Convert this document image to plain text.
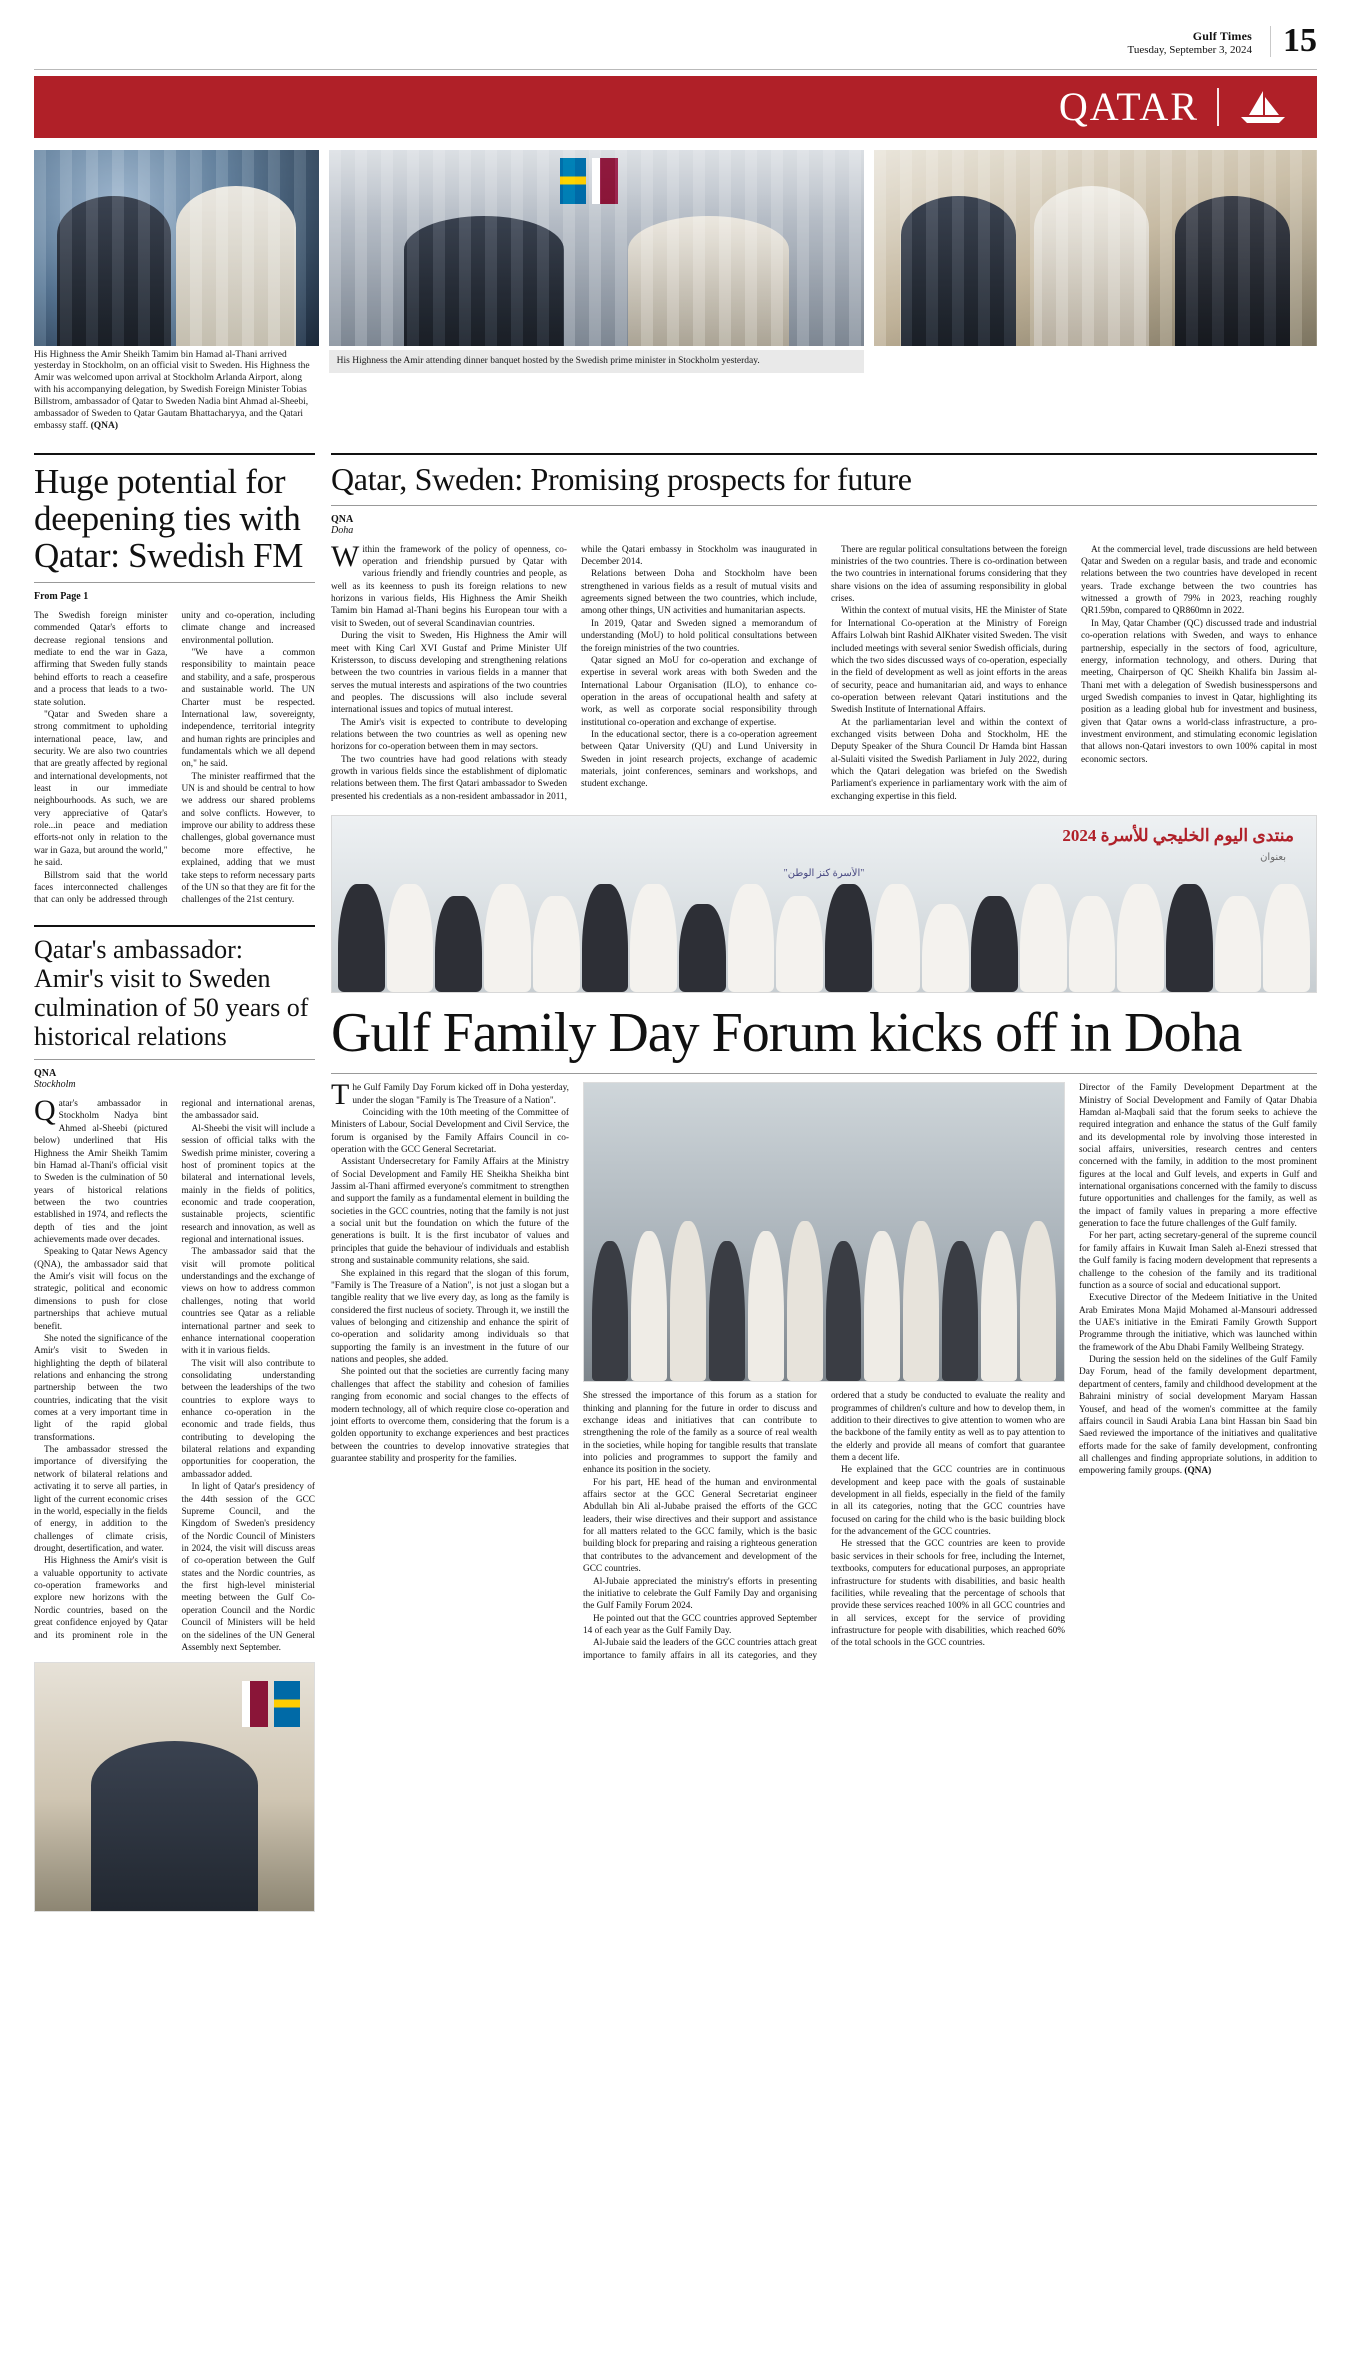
Gulf Times
Tuesday, September 3, 2024 15
QATAR
His Highness the Amir Sheikh Tamim bin Hamad al-Thani arrived yesterday in Stockholm, on an official visit to Sweden. His Highness the Amir was welcomed upon arrival at Stockholm Arlanda Airport, along with his accompanying delegation, by Swedish Foreign Minister Tobias Billstrom, ambassador of Qatar to Sweden Nadia bint Ahmad al-Sheebi, ambassador of Sweden to Qatar Gautam Bhattacharyya, and the Qatari embassy staff. (QNA)
His Highness the Amir attending dinner banquet hosted by the Swedish prime minister in Stockholm yesterday.
Huge potential for deepening ties with Qatar: Swedish FM
From Page 1

The Swedish foreign minister commended Qatar's efforts to decrease regional tensions and mediate to end the war in Gaza, affirming that Sweden fully stands behind efforts to reach a ceasefire and a process that leads to a two-state solution.

"Qatar and Sweden share a strong commitment to upholding international peace, law, and security. We are also two countries that are greatly affected by regional and international developments, not least in our immediate neighbourhoods. As such, we are very appreciative of Qatar's role...in peace and mediation efforts-not only in relation to the war in Gaza, but around the world," he said.

Billstrom said that the world faces interconnected challenges that can only be addressed through unity and co-operation, including climate change and increased environmental pollution.

"We have a common responsibility to maintain peace and stability, and a safe, prosperous and sustainable world. The UN Charter must be respected. International law, sovereignty, independence, territorial integrity and human rights are principles and fundamentals which we all depend on," he said.

The minister reaffirmed that the UN is and should be central to how we address our shared problems and solve conflicts. However, to improve our ability to address these challenges, global governance must become more effective, he explained, adding that we must take steps to reform necessary parts of the UN so that they are fit for the challenges of the 21st century.

Qatar's ambassador: Amir's visit to Sweden culmination of 50 years of historical relations
QNA
Stockholm

Qatar's ambassador in Stockholm Nadya bint Ahmed al-Sheebi (pictured below) underlined that His Highness the Amir Sheikh Tamim bin Hamad al-Thani's official visit to Sweden is the culmination of 50 years of historical relations between the two countries established in 1974, and reflects the depth of ties and the joint achievements made over decades.

Speaking to Qatar News Agency (QNA), the ambassador said that the Amir's visit will focus on the strategic, political and economic dimensions to push for close partnerships that achieve mutual benefit.

She noted the significance of the Amir's visit to Sweden in highlighting the depth of bilateral relations and enhancing the strong partnership between the two countries, indicating that the visit comes at a very important time in light of the rapid global transformations.

The ambassador stressed the importance of diversifying the network of bilateral relations and activating it to serve all parties, in light of the current economic crises in the world, especially in the fields of energy, in addition to the challenges of climate crisis, drought, desertification, and water.

His Highness the Amir's visit is a valuable opportunity to activate co-operation frameworks and explore new horizons with the Nordic countries, based on the great confidence enjoyed by Qatar and its prominent role in the regional and international arenas, the ambassador said.

Al-Sheebi the visit will include a session of official talks with the Swedish prime minister, covering a host of prominent topics at the bilateral and international levels, mainly in the fields of politics, economic and trade cooperation, sustainable projects, scientific research and innovation, as well as regional and international issues.

The ambassador said that the visit will promote political understandings and the exchange of views on how to address common challenges, noting that world countries see Qatar as a reliable international partner and seek to enhance international cooperation with it in various fields.

The visit will also contribute to consolidating understanding between the leaderships of the two countries to explore ways to enhance co-operation in the economic and trade fields, thus contributing to developing the bilateral relations and expanding opportunities for cooperation, the ambassador added.

In light of Qatar's presidency of the 44th session of the GCC Supreme Council, and the Kingdom of Sweden's presidency of the Nordic Council of Ministers in 2024, the visit will discuss areas of co-operation between the Gulf states and the Nordic countries, as the first high-level ministerial meeting between the Gulf Co-operation Council and the Nordic Council of Ministers will be held on the sidelines of the UN General Assembly next September.

Qatar, Sweden: Promising prospects for future
QNA
Doha

Within the framework of the policy of openness, co-operation and friendship pursued by Qatar with various friendly and friendly countries and people, as well as its keenness to push its foreign relations to new horizons in various fields, His Highness the Amir Sheikh Tamim bin Hamad al-Thani begins his European tour with a visit to Sweden, out of several Scandinavian countries.

During the visit to Sweden, His Highness the Amir will meet with King Carl XVI Gustaf and Prime Minister Ulf Kristersson, to discuss developing and strengthening relations between the two countries in various fields in a manner that serves the mutual interests and aspirations of the two countries and peoples. The discussions will also include several international issues and topics of mutual interest.

The Amir's visit is expected to contribute to developing relations between the two countries as well as opening new horizons for co-operation between them in may sectors.

The two countries have had good relations with steady growth in various fields since the establishment of diplomatic relations between them. The first Qatari ambassador to Sweden presented his credentials as a non-resident ambassador in 2011, while the Qatari embassy in Stockholm was inaugurated in December 2014.

Relations between Doha and Stockholm have been strengthened in various fields as a result of mutual visits and agreements signed between the two countries, which include, among other things, UN activities and humanitarian aspects.

In 2019, Qatar and Sweden signed a memorandum of understanding (MoU) to hold political consultations between the foreign ministries of the two countries.

Qatar signed an MoU for co-operation and exchange of expertise in several work areas with both Sweden and the International Labour Organisation (ILO), to enhance co-operation in the areas of occupational health and safety at work, as well as corporate social responsibility through institutional co-operation and exchange of expertise.

In the educational sector, there is a co-operation agreement between Qatar University (QU) and Lund University in Sweden in joint research projects, exchange of academic materials, joint conferences, seminars and workshops, and student exchange.

There are regular political consultations between the foreign ministries of the two countries. There is co-ordination between the two countries in international forums considering that they share visions on the idea of assuming responsibility in global crises.

Within the context of mutual visits, HE the Minister of State for International Co-operation at the Ministry of Foreign Affairs Lolwah bint Rashid AlKhater visited Sweden. The visit included meetings with several senior Swedish officials, during which the two sides discussed ways of co-operation, especially in the field of development as well as joint efforts in the areas of security, peace and humanitarian aid, and ways to enhance co-operation between relevant Qatari institutions and the Swedish Institute of International Affairs.

At the parliamentarian level and within the context of exchanged visits between Doha and Stockholm, HE the Deputy Speaker of the Shura Council Dr Hamda bint Hassan al-Sulaiti visited the Swedish Parliament in July 2022, during which the Qatari delegation was briefed on the Swedish Parliament's experience in parliamentary work with the aim of exchanging expertise in this field.

At the commercial level, trade discussions are held between Qatar and Sweden on a regular basis, and trade and economic relations between the two countries have developed in recent years. Trade exchange between the two countries has witnessed a growth of 79% in 2023, reaching roughly QR1.59bn, compared to QR860mn in 2022.

In May, Qatar Chamber (QC) discussed trade and industrial co-operation relations with Sweden, and ways to enhance partnership, especially in the sectors of food, agriculture, energy, information technology, and others. During that meeting, Chairperson of QC Sheikh Khalifa bin Jassim al-Thani met with a delegation of Swedish businesspersons and urged Swedish companies to invest in Qatar, highlighting its position as a leading global hub for investment and business, given that Qatar owns a world-class infrastructure, a pro-investment environment, and stimulating economic legislation that allows non-Qatari investors to own 100% capital in most economic sectors.

منتدى اليوم الخليجي للأسرة 2024
بعنوان
"الأسرة كنز الوطن"
Gulf Family Day Forum kicks off in Doha

The Gulf Family Day Forum kicked off in Doha yesterday, under the slogan "Family is The Treasure of a Nation".

Coinciding with the 10th meeting of the Committee of Ministers of Labour, Social Development and Civil Service, the forum is organised by the Family Affairs Council in co-operation with the GCC General Secretariat.

Assistant Undersecretary for Family Affairs at the Ministry of Social Development and Family HE Sheikha Sheikha bint Jassim al-Thani affirmed everyone's commitment to strengthen and support the family as a fundamental element in building the societies in the GCC countries, noting that the family is not just a social unit but the foundation on which the future of the generations is built. It is the first incubator of values and principles that guide the behaviour of individuals and establish strong and sustainable community relations, she said.

She explained in this regard that the slogan of this forum, "Family is The Treasure of a Nation", is not just a slogan but a tangible reality that we live every day, as long as the family is considered the first nucleus of society. Through it, we instill the values of belonging and citizenship and enhance the spirit of co-operation and solidarity among individuals so that supporting the family is an investment in the future of our nations and peoples, she added.

She pointed out that the societies are currently facing many challenges that affect the stability and cohesion of families ranging from economic and social changes to the effects of modern technology, all of which require close co-operation and joint efforts to overcome them, considering that the forum is a golden opportunity to exchange experiences and best practices between the countries to develop innovative strategies that guarantee stability and prosperity for the families.

She stressed the importance of this forum as a station for thinking and planning for the future in order to discuss and exchange ideas and initiatives that can contribute to strengthening the role of the family as a source of real wealth in the societies, while hoping for tangible results that translate into policies and programmes to support the family and enhance its position in the society.

For his part, HE head of the human and environmental affairs sector at the GCC General Secretariat engineer Abdullah bin Ali al-Jubabe praised the efforts of the GCC leaders, their wise directives and their support and assistance for all matters related to the GCC family, which is the basic building block for preparing and raising a righteous generation that contributes to the advancement and development of the GCC countries.

Al-Jubaie appreciated the ministry's efforts in presenting the initiative to celebrate the Gulf Family Day and organising the Gulf Family Forum 2024.

He pointed out that the GCC countries approved September 14 of each year as the Gulf Family Day.

Al-Jubaie said the leaders of the GCC countries attach great importance to family affairs in all its categories, and they ordered that a study be conducted to evaluate the reality and programmes of children's culture and how to develop them, in addition to their directives to give attention to women who are the backbone of the family entity as well as to pay attention to the elderly and provide all means of comfort that guarantee them a decent life.

He explained that the GCC countries are in continuous development and keep pace with the goals of sustainable development in all fields, especially in the field of the family in all its categories, noting that the GCC countries have focused on caring for the child who is the basic building block for the advancement of the GCC countries.

He stressed that the GCC countries are keen to provide basic services in their schools for free, including the Internet, textbooks, computers for educational purposes, an appropriate infrastructure for students with disabilities, and basic health facilities, while revealing that the percentage of schools that provide these services reached 100% in all GCC countries and in all services, except for the service of providing infrastructure for people with disabilities, which reached 60% of the total schools in the GCC countries.

Director of the Family Development Department at the Ministry of Social Development and Family of Qatar Dhabia Hamdan al-Maqbali said that the forum seeks to achieve the required integration and enhance the status of the Gulf family and its developmental role by involving those interested in social affairs, universities, research centres and centers concerned with the family, in addition to the most prominent figures at the local and Gulf levels, and experts in Gulf and international organisations concerned with the family to discuss future opportunities and challenges for the family, as well as the impact of family values in preparing a more effective generation to face the future challenges of the Gulf family.

For her part, acting secretary-general of the supreme council for family affairs in Kuwait Iman Saleh al-Enezi stressed that the Gulf family is facing modern development that represents a challenge to the cohesion of the family and its traditional function as a source of social and educational support.

Executive Director of the Medeem Initiative in the United Arab Emirates Mona Majid Mohamed al-Mansouri addressed the UAE's initiative in the Emirati Family Growth Support Programme through the initiative, which was launched within the framework of the Abu Dhabi Family Wellbeing Strategy.

During the session held on the sidelines of the Gulf Family Day Forum, head of the family development department, department of centers, family and childhood development at the Bahraini ministry of social development Maryam Hassan Yousef, and head of the women's committee at the family affairs council in Saudi Arabia Lana bint Hassan bin Saad bin Saed reviewed the importance of the initiatives and qualitative efforts made for the sake of family development, confronting all challenges and finding appropriate solutions, in addition to empowering family groups. (QNA)
